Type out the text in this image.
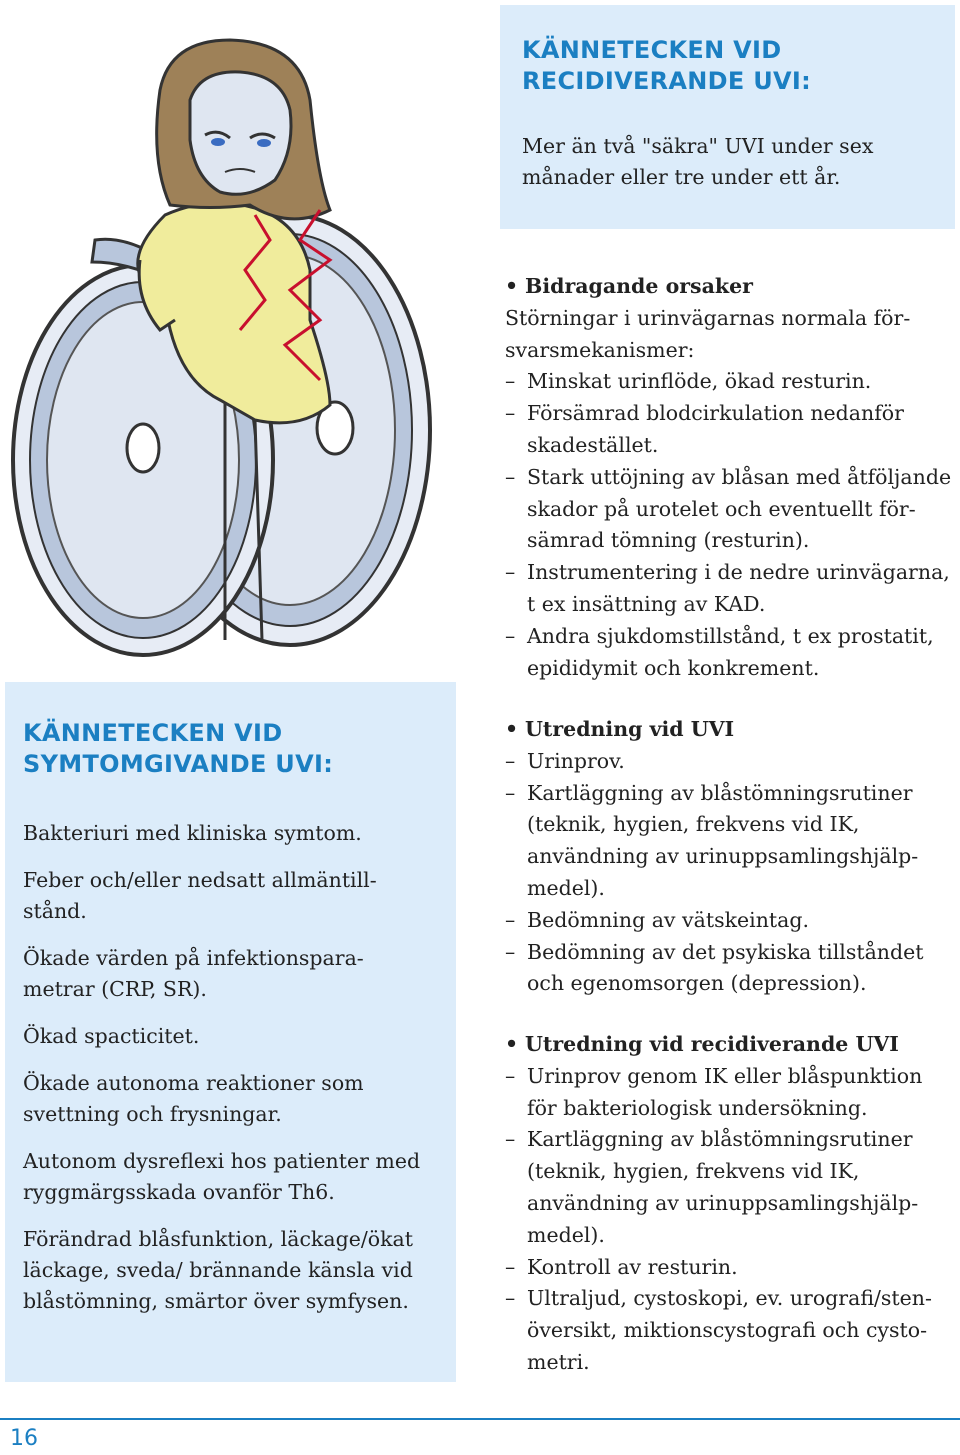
KÄNNETECKEN VID RECIDIVERANDE UVI:

Mer än två "säkra" UVI under sex månader eller tre under ett år.

KÄNNETECKEN VID SYMTOMGIVANDE UVI:

Bakteriuri med kliniska symtom.

Feber och/eller nedsatt allmäntill- stånd.

Ökade värden på infektionspara- metrar (CRP, SR).

Ökad spacticitet.

Ökade autonoma reaktioner som svettning och frysningar.

Autonom dysreflexi hos patienter med ryggmärgsskada ovanför Th6.

Förändrad blåsfunktion, läckage/ökat läckage, sveda/ brännande känsla vid blåstömning, smärtor över symfysen.

• Bidragande orsaker

Störningar i urinvägarnas normala för- svarsmekanismer:

– Minskat urinflöde, ökad resturin.

– Försämrad blodcirkulation nedanför skadestället.

– Stark uttöjning av blåsan med åtföljande skador på urotelet och eventuellt för- sämrad tömning (resturin).

– Instrumentering i de nedre urinvägarna, t ex insättning av KAD.

– Andra sjukdomstillstånd, t ex prostatit, epididymit och konkrement.

• Utredning vid UVI

– Urinprov.

– Kartläggning av blåstömningsrutiner (teknik, hygien, frekvens vid IK, användning av urinuppsamlingshjälp- medel).

– Bedömning av vätskeintag.

– Bedömning av det psykiska tillståndet och egenomsorgen (depression).

• Utredning vid recidiverande UVI

– Urinprov genom IK eller blåspunktion för bakteriologisk undersökning.

– Kartläggning av blåstömningsrutiner (teknik, hygien, frekvens vid IK, användning av urinuppsamlingshjälp- medel).

– Kontroll av resturin.

– Ultraljud, cystoskopi, ev. urografi/sten- översikt, miktionscystografi och cysto- metri.

16
